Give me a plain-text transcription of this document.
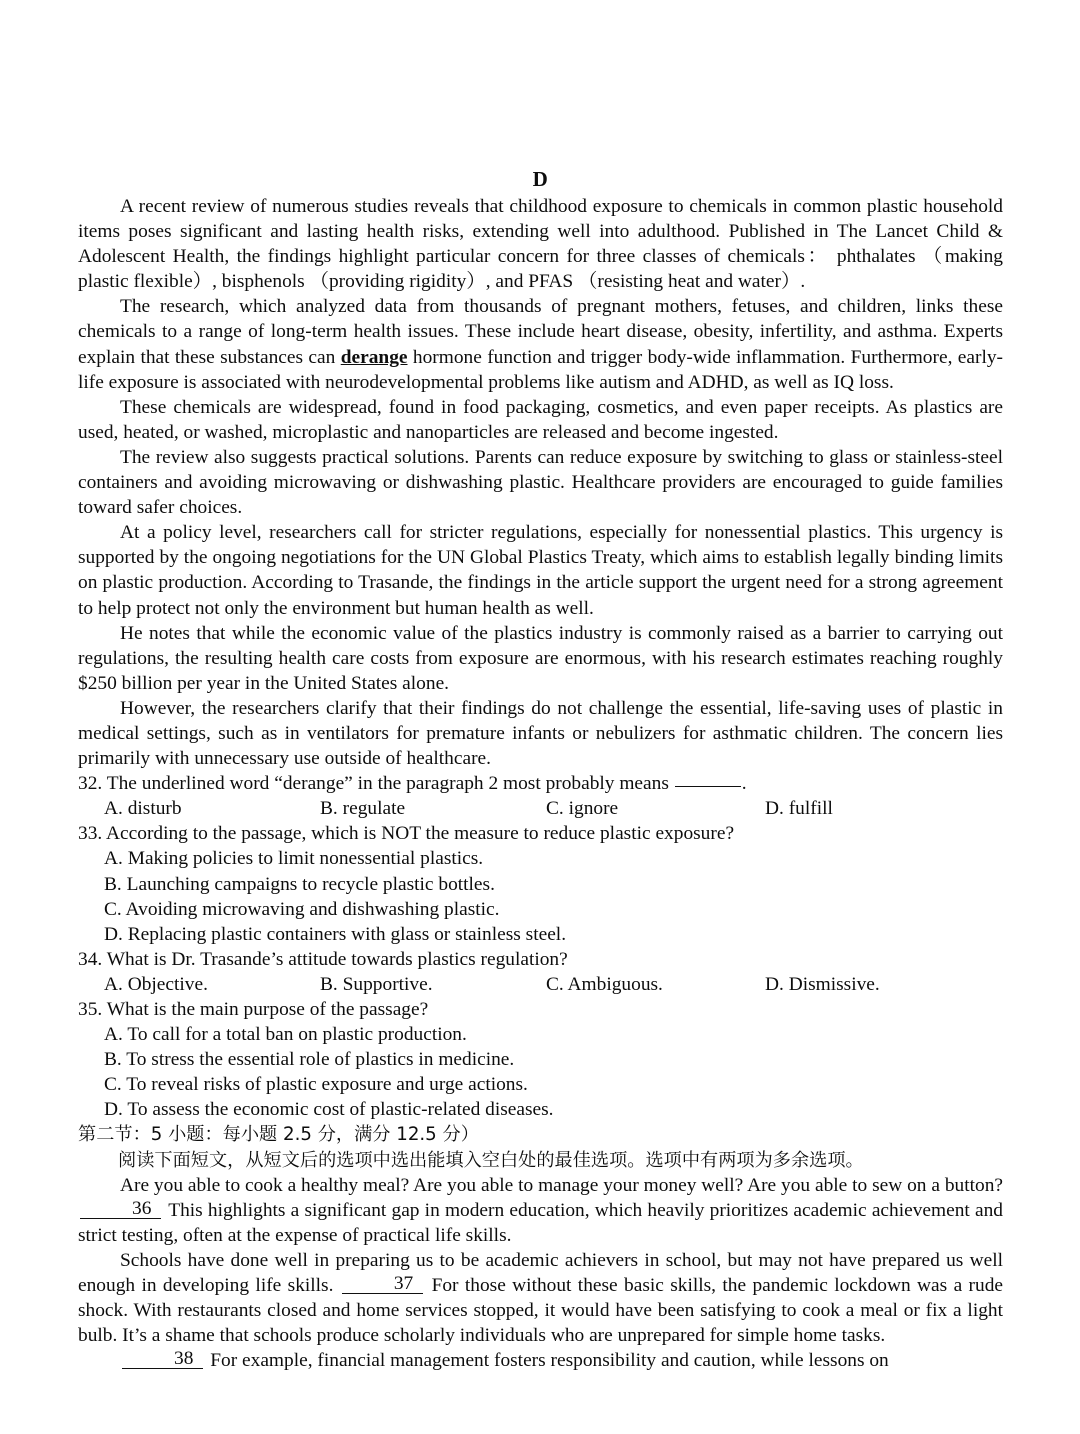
D

A recent review of numerous studies reveals that childhood exposure to chemicals in common plastic household items poses significant and lasting health risks, extending well into adulthood. Published in The Lancet Child & Adolescent Health, the findings highlight particular concern for three classes of chemicals： phthalates （making plastic flexible）, bisphenols （providing rigidity）, and PFAS （resisting heat and water）.

The research, which analyzed data from thousands of pregnant mothers, fetuses, and children, links these chemicals to a range of long-term health issues. These include heart disease, obesity, infertility, and asthma. Experts explain that these substances can derange hormone function and trigger body-wide inflammation. Furthermore, early-life exposure is associated with neurodevelopmental problems like autism and ADHD, as well as IQ loss.

These chemicals are widespread, found in food packaging, cosmetics, and even paper receipts. As plastics are used, heated, or washed, microplastic and nanoparticles are released and become ingested.

The review also suggests practical solutions. Parents can reduce exposure by switching to glass or stainless-steel containers and avoiding microwaving or dishwashing plastic. Healthcare providers are encouraged to guide families toward safer choices.

At a policy level, researchers call for stricter regulations, especially for nonessential plastics. This urgency is supported by the ongoing negotiations for the UN Global Plastics Treaty, which aims to establish legally binding limits on plastic production. According to Trasande, the findings in the article support the urgent need for a strong agreement to help protect not only the environment but human health as well.

He notes that while the economic value of the plastics industry is commonly raised as a barrier to carrying out regulations, the resulting health care costs from exposure are enormous, with his research estimates reaching roughly $250 billion per year in the United States alone.

However, the researchers clarify that their findings do not challenge the essential, life-saving uses of plastic in medical settings, such as in ventilators for premature infants or nebulizers for asthmatic children. The concern lies primarily with unnecessary use outside of healthcare.

32. The underlined word “derange” in the paragraph 2 most probably means	.

A. disturb	B. regulate	C. ignore	D. fulfill

33. According to the passage, which is NOT the measure to reduce plastic exposure?

A. Making policies to limit nonessential plastics.
B. Launching campaigns to recycle plastic bottles.
C. Avoiding microwaving and dishwashing plastic.
D. Replacing plastic containers with glass or stainless steel.

34. What is Dr. Trasande’s attitude towards plastics regulation?

A. Objective.	B. Supportive.	C. Ambiguous.	D. Dismissive.

35. What is the main purpose of the passage?

A. To call for a total ban on plastic production.
B. To stress the essential role of plastics in medicine.
C. To reveal risks of plastic exposure and urge actions.
D. To assess the economic cost of plastic-related diseases.

第二节：5 小题：每小题 2.5 分，满分 12.5 分）

阅读下面短文，从短文后的选项中选出能填入空白处的最佳选项。选项中有两项为多余选项。

Are you able to cook a healthy meal? Are you able to manage your money well? Are you able to sew on a button? 36 This highlights a significant gap in modern education, which heavily prioritizes academic achievement and strict testing, often at the expense of practical life skills.

Schools have done well in preparing us to be academic achievers in school, but may not have prepared us well enough in developing life skills.	37 For those without these basic skills, the pandemic lockdown was a rude shock. With restaurants closed and home services stopped, it would have been satisfying to cook a meal or fix a light bulb. It’s a shame that schools produce scholarly individuals who are unprepared for simple home tasks.

38 For example, financial management fosters responsibility and caution, while lessons on
